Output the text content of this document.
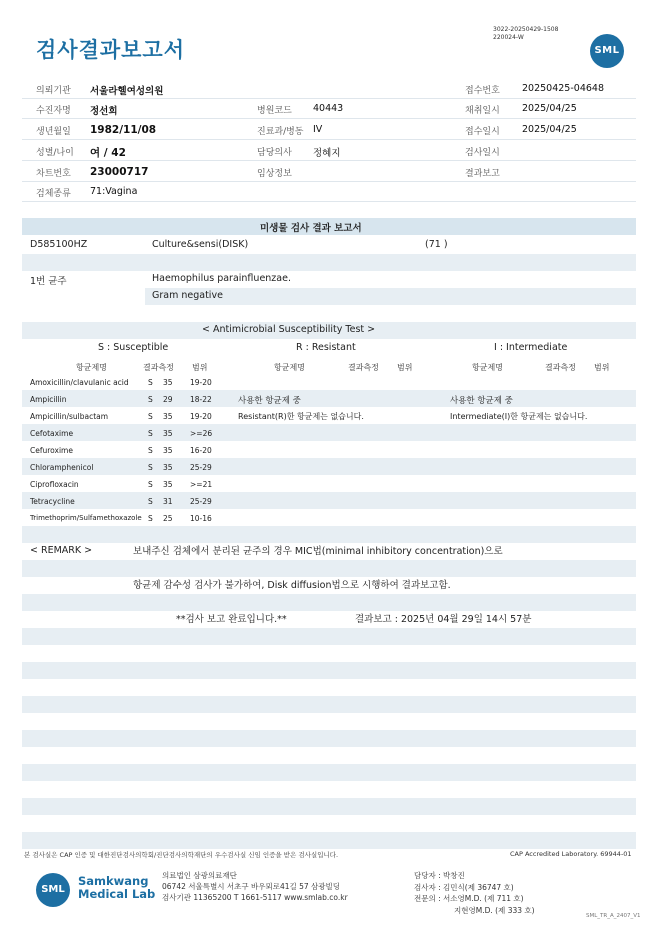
검사결과보고서
3022-20250429-1508
220024-W
SML
의뢰기관 서울라헬여성의원	접수번호 20250425-04648
수진자명 정선희	병원코드 40443	채취일시 2025/04/25
생년월일 1982/11/08	진료과/병동 IV	접수일시 2025/04/25
성별/나이 여 / 42	담당의사 정혜지	검사일시
차트번호 23000717	임상정보	결과보고
검체종류 71:Vagina
미생물 검사 결과 보고서
D585100HZ	Culture&sensi(DISK)	(71 )
1번 균주	Haemophilus parainfluenzae.
Gram negative
< Antimicrobial Susceptibility Test >
S : Susceptible	R : Resistant	I : Intermediate
항균제명	결과측정 범위	항균제명	결과측정 범위	항균제명	결과측정 범위
Amoxicillin/clavulanic acid	S 35 19-20
Ampicillin	S 29 18-22
Ampicillin/sulbactam	S 35 19-20
Cefotaxime	S 35 >=26
Cefuroxime	S 35 16-20
Chloramphenicol	S 35 25-29
Ciprofloxacin	S 35 >=21
Tetracycline	S 31 25-29
Trimethoprim/Sulfamethoxazole S 25 10-16
사용한 항균제 중
Resistant(R)한 항균제는 없습니다.
사용한 항균제 중
Intermediate(I)한 항균제는 없습니다.
< REMARK >	보내주신 검체에서 분리된 균주의 경우 MIC법(minimal inhibitory concentration)으로
항균제 감수성 검사가 불가하여, Disk diffusion법으로 시행하여 결과보고함.
**검사 보고 완료입니다.**	결과보고 : 2025년 04월 29일 14시 57분
본 검사실은 CAP 인증 및 대한진단검사의학회/진단검사의학재단의 우수검사실 신임 인증을 받은 검사실입니다.	CAP Accredited Laboratory. 69944-01
SML
Samkwang
Medical Lab
의료법인 삼광의료재단
06742 서울특별시 서초구 바우뫼로41길 57 삼광빌딩
검사기관 11365200 T 1661-5117 www.smlab.co.kr
담당자 : 박창진
검사자 : 김민식(제 36747 호)
전문의 : 서소영M.D. (제 711 호)
지현영M.D. (제 333 호)
SML_TR_A_2407_V1
